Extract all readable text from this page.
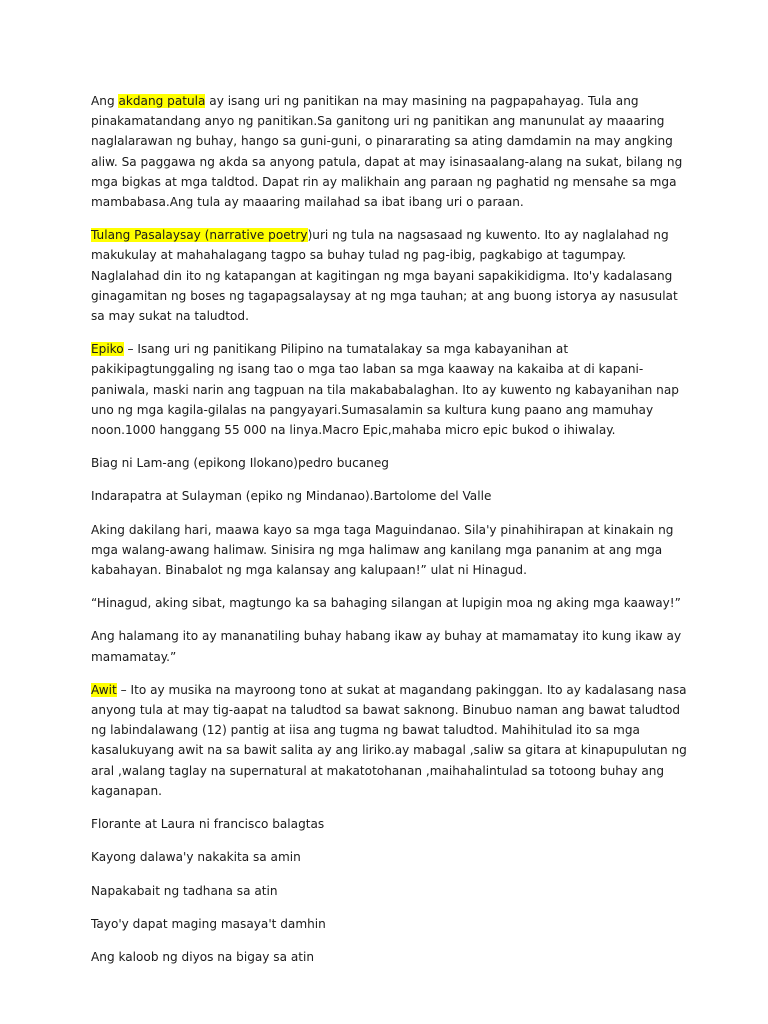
Ang akdang patula ay isang uri ng panitikan na may masining na pagpapahayag. Tula ang pinakamatandang anyo ng panitikan.Sa ganitong uri ng panitikan ang manunulat ay maaaring naglalarawan ng buhay, hango sa guni-guni, o pinararating sa ating damdamin na may angking aliw. Sa paggawa ng akda sa anyong patula, dapat at may isinasaalang-alang na sukat, bilang ng mga bigkas at mga taldtod. Dapat rin ay malikhain ang paraan ng paghatid ng mensahe sa mga mambabasa.Ang tula ay maaaring mailahad sa ibat ibang uri o paraan.

Tulang Pasalaysay (narrative poetry)uri ng tula na nagsasaad ng kuwento. Ito ay naglalahad ng makukulay at mahahalagang tagpo sa buhay tulad ng pag-ibig, pagkabigo at tagumpay. Naglalahad din ito ng katapangan at kagitingan ng mga bayani sapakikidigma. Ito'y kadalasang ginagamitan ng boses ng tagapagsalaysay at ng mga tauhan; at ang buong istorya ay nasusulat sa may sukat na taludtod.

Epiko – Isang uri ng panitikang Pilipino na tumatalakay sa mga kabayanihan at pakikipagtunggaling ng isang tao o mga tao laban sa mga kaaway na kakaiba at di kapani-paniwala, maski narin ang tagpuan na tila makababalaghan. Ito ay kuwento ng kabayanihan nap uno ng mga kagila-gilalas na pangyayari.Sumasalamin sa kultura kung paano ang mamuhay noon.1000 hanggang 55 000 na linya.Macro Epic,mahaba micro epic bukod o ihiwalay.

Biag ni Lam-ang (epikong Ilokano)pedro bucaneg

Indarapatra at Sulayman (epiko ng Mindanao).Bartolome del Valle

Aking dakilang hari, maawa kayo sa mga taga Maguindanao. Sila'y pinahihirapan at kinakain ng mga walang-awang halimaw. Sinisira ng mga halimaw ang kanilang mga pananim at ang mga kabahayan. Binabalot ng mga kalansay ang kalupaan!” ulat ni Hinagud.

“Hinagud, aking sibat, magtungo ka sa bahaging silangan at lupigin moa ng aking mga kaaway!”

Ang halamang ito ay mananatiling buhay habang ikaw ay buhay at mamamatay ito kung ikaw ay mamamatay.”

Awit – Ito ay musika na mayroong tono at sukat at magandang pakinggan. Ito ay kadalasang nasa anyong tula at may tig-aapat na taludtod sa bawat saknong. Binubuo naman ang bawat taludtod ng labindalawang (12) pantig at iisa ang tugma ng bawat taludtod. Mahihitulad ito sa mga kasalukuyang awit na sa bawit salita ay ang liriko.ay mabagal ,saliw sa gitara at kinapupulutan ng aral ,walang taglay na supernatural at makatotohanan ,maihahalintulad sa totoong buhay ang kaganapan.

Florante at Laura ni francisco balagtas

Kayong dalawa'y nakakita sa amin

Napakabait ng tadhana sa atin

Tayo'y dapat maging masaya't damhin

Ang kaloob ng diyos na bigay sa atin
